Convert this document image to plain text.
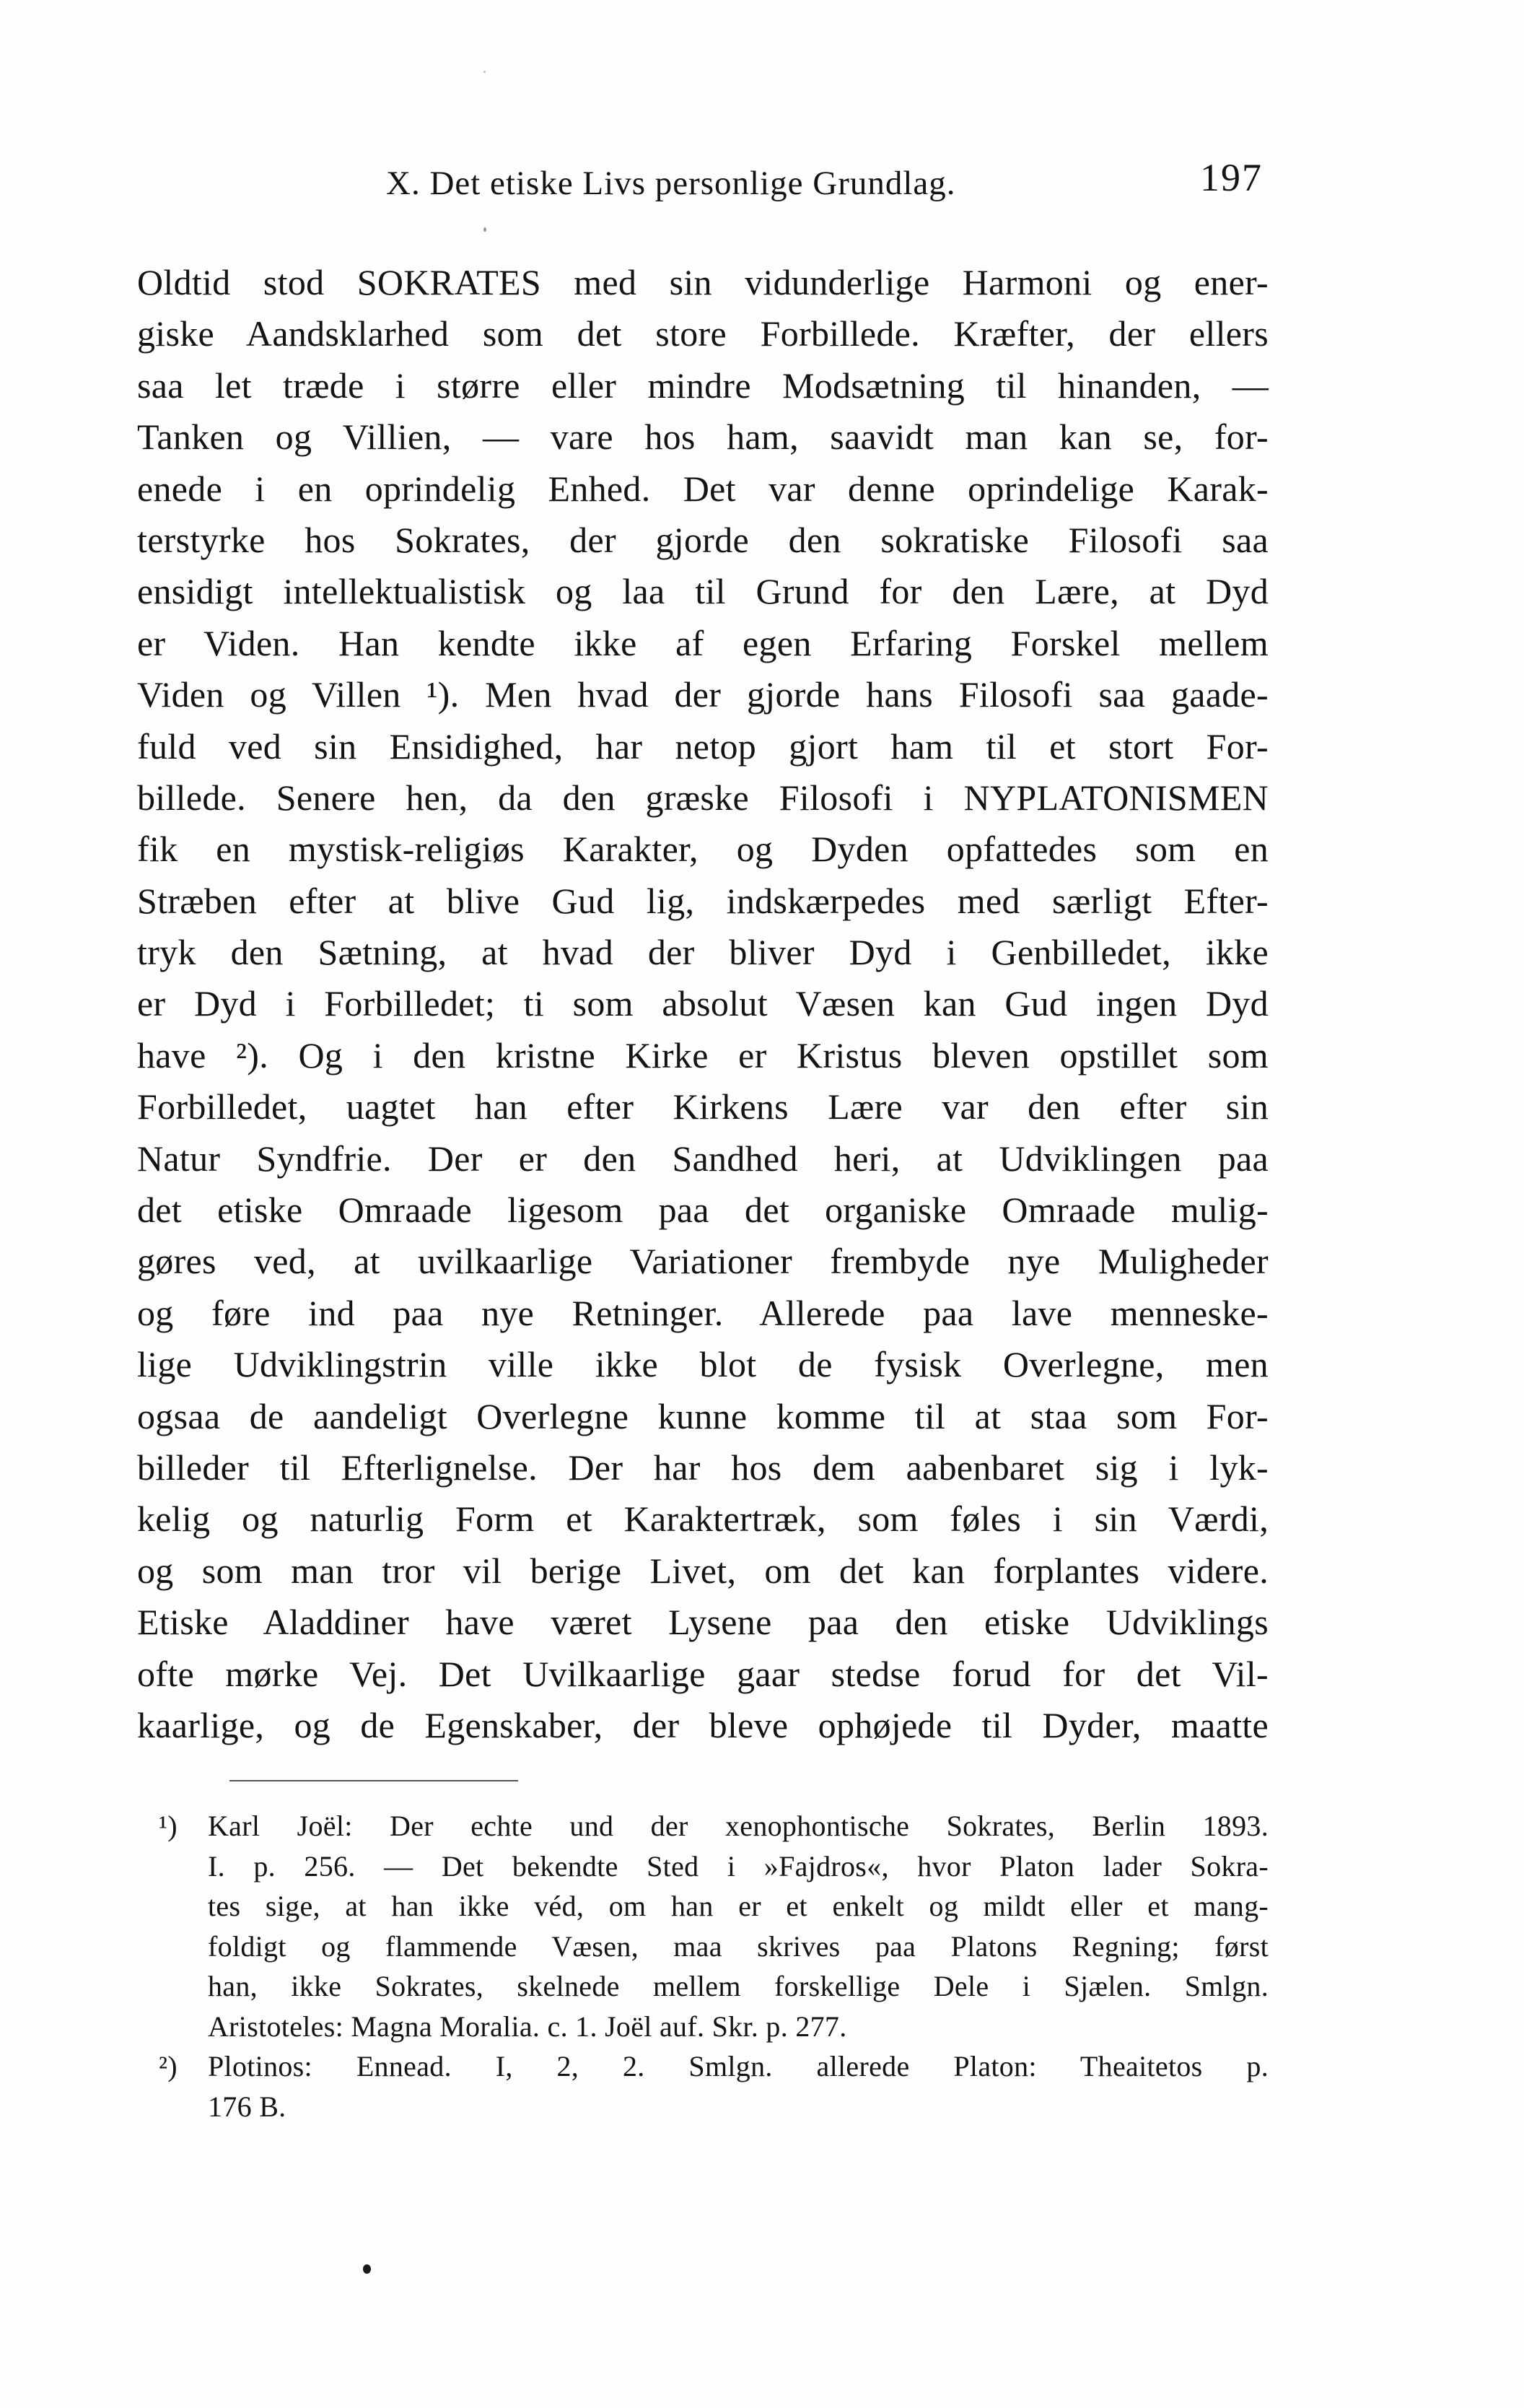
X. Det etiske Livs personlige Grundlag.	197
Oldtid stod SOKRATES med sin vidunderlige Harmoni og ener-
giske Aandsklarhed som det store Forbillede. Kræfter, der ellers
saa let træde i større eller mindre Modsætning til hinanden, —
Tanken og Villien, — vare hos ham, saavidt man kan se, for-
enede i en oprindelig Enhed. Det var denne oprindelige Karak-
terstyrke hos Sokrates, der gjorde den sokratiske Filosofi saa
ensidigt intellektualistisk og laa til Grund for den Lære, at Dyd
er Viden. Han kendte ikke af egen Erfaring Forskel mellem
Viden og Villen ¹). Men hvad der gjorde hans Filosofi saa gaade-
fuld ved sin Ensidighed, har netop gjort ham til et stort For-
billede. Senere hen, da den græske Filosofi i NYPLATONISMEN
fik en mystisk-religiøs Karakter, og Dyden opfattedes som en
Stræben efter at blive Gud lig, indskærpedes med særligt Efter-
tryk den Sætning, at hvad der bliver Dyd i Genbilledet, ikke
er Dyd i Forbilledet; ti som absolut Væsen kan Gud ingen Dyd
have ²). Og i den kristne Kirke er Kristus bleven opstillet som
Forbilledet, uagtet han efter Kirkens Lære var den efter sin
Natur Syndfrie. Der er den Sandhed heri, at Udviklingen paa
det etiske Omraade ligesom paa det organiske Omraade mulig-
gøres ved, at uvilkaarlige Variationer frembyde nye Muligheder
og føre ind paa nye Retninger. Allerede paa lave menneske-
lige Udviklingstrin ville ikke blot de fysisk Overlegne, men
ogsaa de aandeligt Overlegne kunne komme til at staa som For-
billeder til Efterlignelse. Der har hos dem aabenbaret sig i lyk-
kelig og naturlig Form et Karaktertræk, som føles i sin Værdi,
og som man tror vil berige Livet, om det kan forplantes videre.
Etiske Aladdiner have været Lysene paa den etiske Udviklings
ofte mørke Vej. Det Uvilkaarlige gaar stedse forud for det Vil-
kaarlige, og de Egenskaber, der bleve ophøjede til Dyder, maatte
¹) Karl Joël: Der echte und der xenophontische Sokrates, Berlin 1893.
I. p. 256. — Det bekendte Sted i »Fajdros«, hvor Platon lader Sokra-
tes sige, at han ikke véd, om han er et enkelt og mildt eller et mang-
foldigt og flammende Væsen, maa skrives paa Platons Regning; først
han, ikke Sokrates, skelnede mellem forskellige Dele i Sjælen. Smlgn.
Aristoteles: Magna Moralia. c. 1. Joël auf. Skr. p. 277.
²) Plotinos: Ennead. I, 2, 2. Smlgn. allerede Platon: Theaitetos p.
176 B.
